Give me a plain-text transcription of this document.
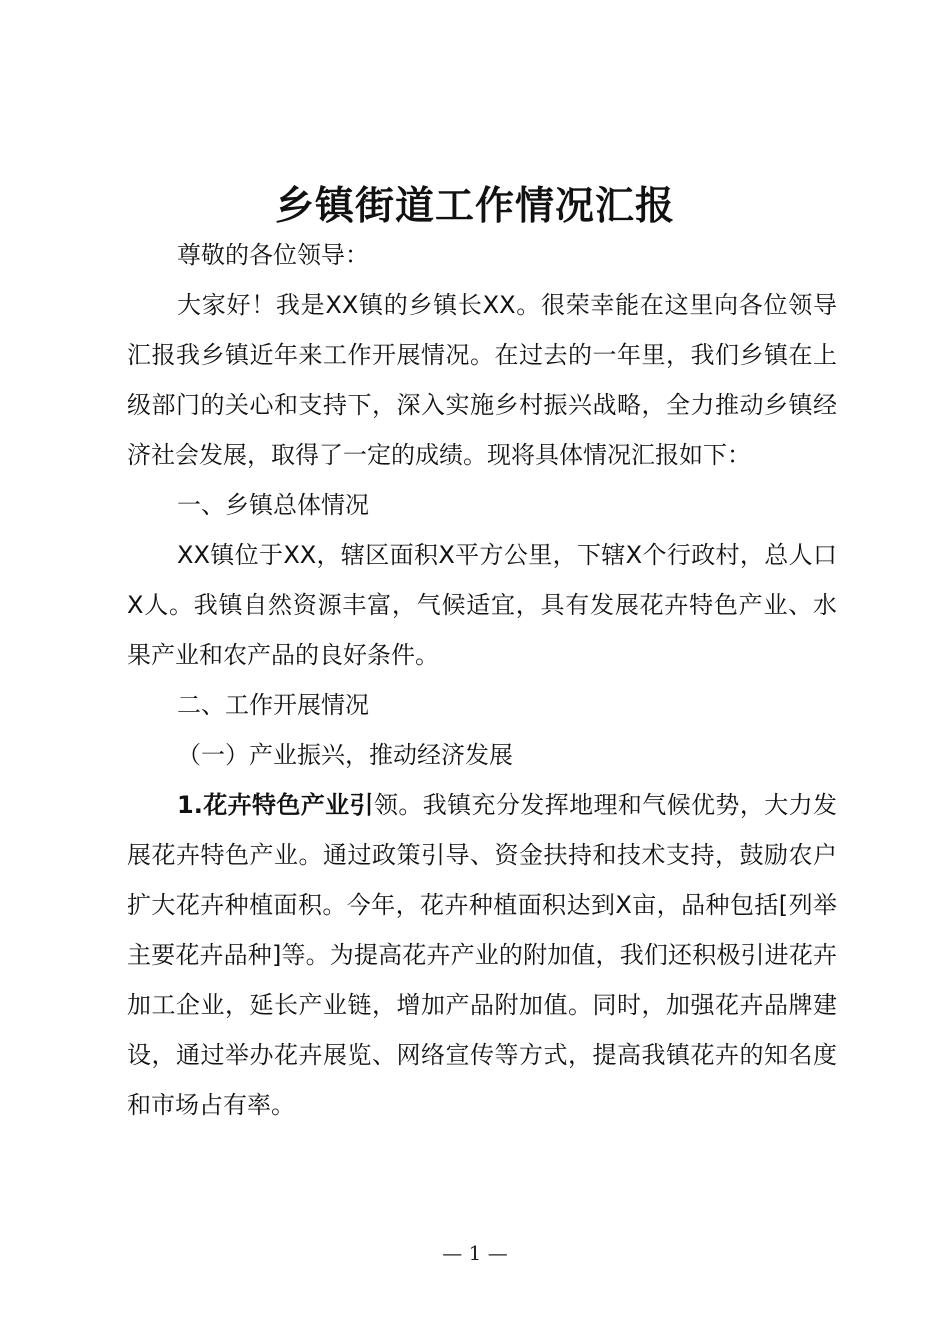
乡镇街道工作情况汇报

尊敬的各位领导：

大家好！我是XX镇的乡镇长XX。很荣幸能在这里向各位领导汇报我乡镇近年来工作开展情况。在过去的一年里，我们乡镇在上级部门的关心和支持下，深入实施乡村振兴战略，全力推动乡镇经济社会发展，取得了一定的成绩。现将具体情况汇报如下：

一、乡镇总体情况

XX镇位于XX，辖区面积X平方公里，下辖X个行政村，总人口X人。我镇自然资源丰富，气候适宜，具有发展花卉特色产业、水果产业和农产品的良好条件。

二、工作开展情况

（一）产业振兴，推动经济发展

1.花卉特色产业引领。我镇充分发挥地理和气候优势，大力发展花卉特色产业。通过政策引导、资金扶持和技术支持，鼓励农户扩大花卉种植面积。今年，花卉种植面积达到X亩，品种包括[列举主要花卉品种]等。为提高花卉产业的附加值，我们还积极引进花卉加工企业，延长产业链，增加产品附加值。同时，加强花卉品牌建设，通过举办花卉展览、网络宣传等方式，提高我镇花卉的知名度和市场占有率。

— 1 —
